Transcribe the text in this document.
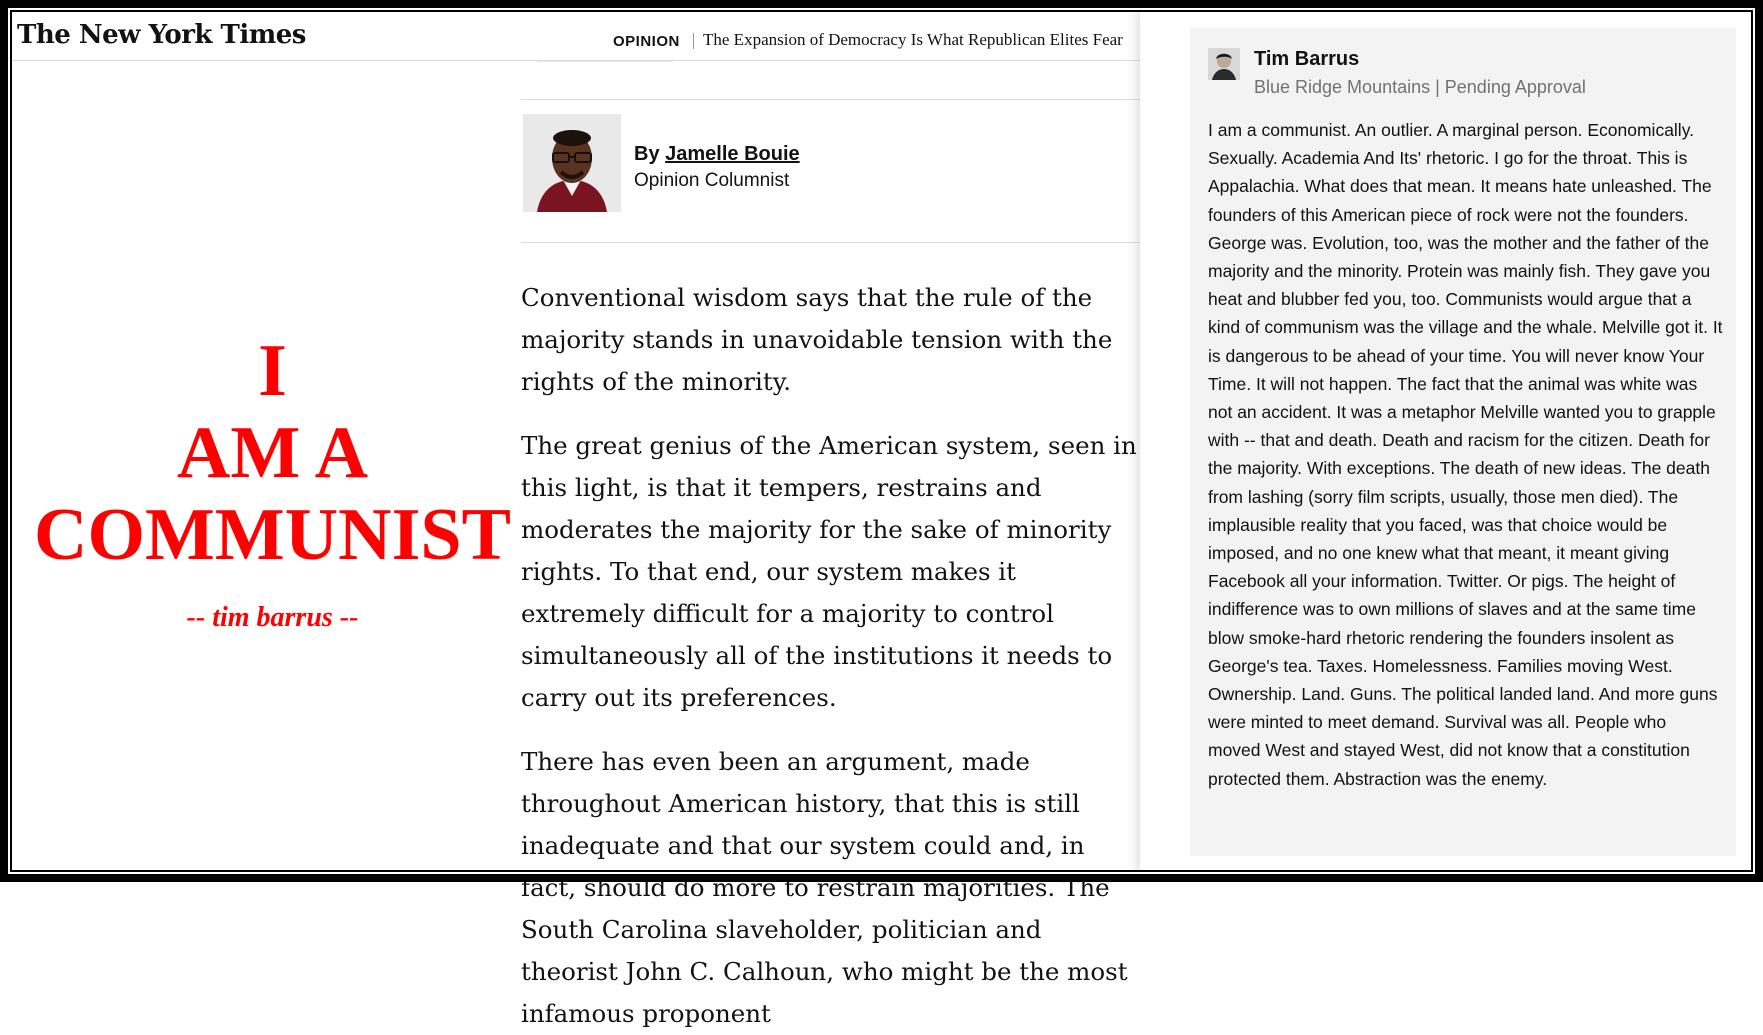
The New York Times	OPINION The Expansion of Democracy Is What Republican Elites Fear
I
AM A
COMMUNIST
-- tim barrus --
By Jamelle Bouie
Opinion Columnist

Conventional wisdom says that the rule of the majority stands in unavoidable tension with the rights of the minority.

The great genius of the American system, seen in this light, is that it tempers, restrains and moderates the majority for the sake of minority rights. To that end, our system makes it extremely difficult for a majority to control simultaneously all of the institutions it needs to carry out its preferences.

There has even been an argument, made throughout American history, that this is still inadequate and that our system could and, in fact, should do more to restrain majorities. The South Carolina slaveholder, politician and theorist John C. Calhoun, who might be the most infamous proponent

Tim Barrus
Blue Ridge Mountains | Pending Approval
I am a communist. An outlier. A marginal person. Economically. Sexually. Academia And Its' rhetoric. I go for the throat. This is Appalachia. What does that mean. It means hate unleashed. The founders of this American piece of rock were not the founders. George was. Evolution, too, was the mother and the father of the majority and the minority. Protein was mainly fish. They gave you heat and blubber fed you, too. Communists would argue that a kind of communism was the village and the whale. Melville got it. It is dangerous to be ahead of your time. You will never know Your Time. It will not happen. The fact that the animal was white was not an accident. It was a metaphor Melville wanted you to grapple with -- that and death. Death and racism for the citizen. Death for the majority. With exceptions. The death of new ideas. The death from lashing (sorry film scripts, usually, those men died). The implausible reality that you faced, was that choice would be imposed, and no one knew what that meant, it meant giving Facebook all your information. Twitter. Or pigs. The height of indifference was to own millions of slaves and at the same time blow smoke-hard rhetoric rendering the founders insolent as George's tea. Taxes. Homelessness. Families moving West. Ownership. Land. Guns. The political landed land. And more guns were minted to meet demand. Survival was all. People who moved West and stayed West, did not know that a constitution protected them. Abstraction was the enemy.
